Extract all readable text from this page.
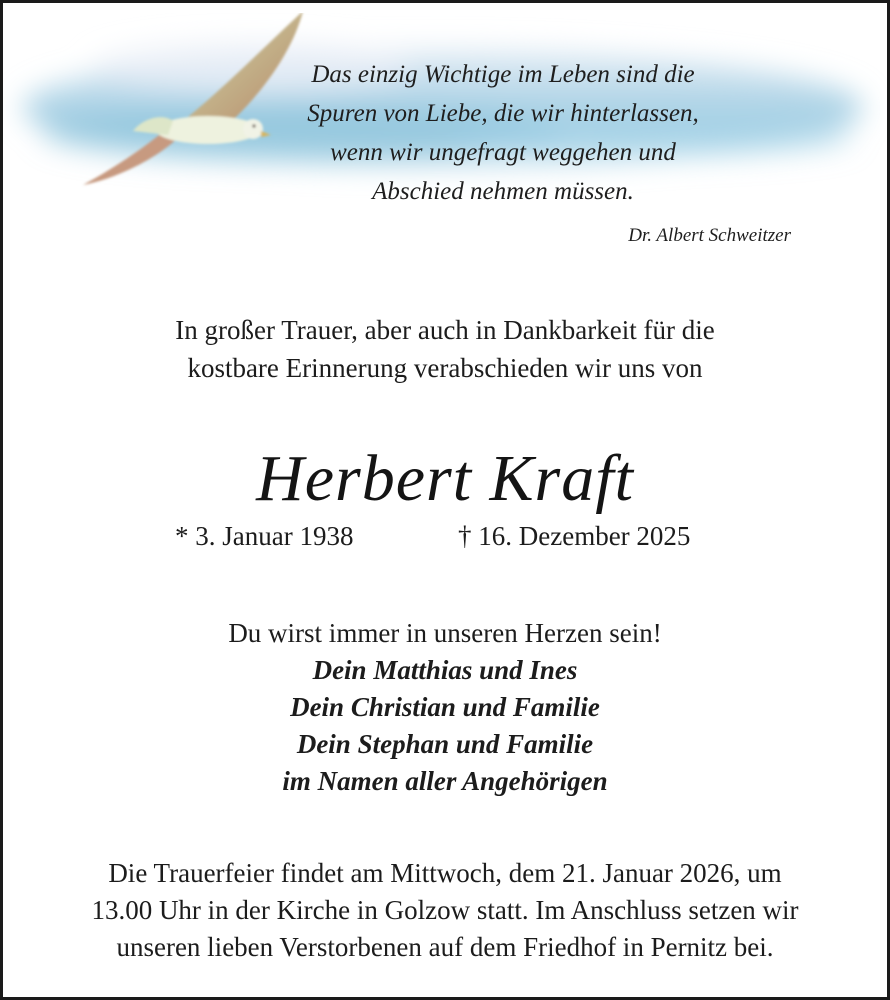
Das einzig Wichtige im Leben sind die
Spuren von Liebe, die wir hinterlassen,
wenn wir ungefragt weggehen und
Abschied nehmen müssen.
Dr. Albert Schweitzer
In großer Trauer, aber auch in Dankbarkeit für die
kostbare Erinnerung verabschieden wir uns von
Herbert Kraft
* 3. Januar 1938	† 16. Dezember 2025
Du wirst immer in unseren Herzen sein!
Dein Matthias und Ines
Dein Christian und Familie
Dein Stephan und Familie
im Namen aller Angehörigen
Die Trauerfeier findet am Mittwoch, dem 21. Januar 2026, um
13.00 Uhr in der Kirche in Golzow statt. Im Anschluss setzen wir
unseren lieben Verstorbenen auf dem Friedhof in Pernitz bei.
